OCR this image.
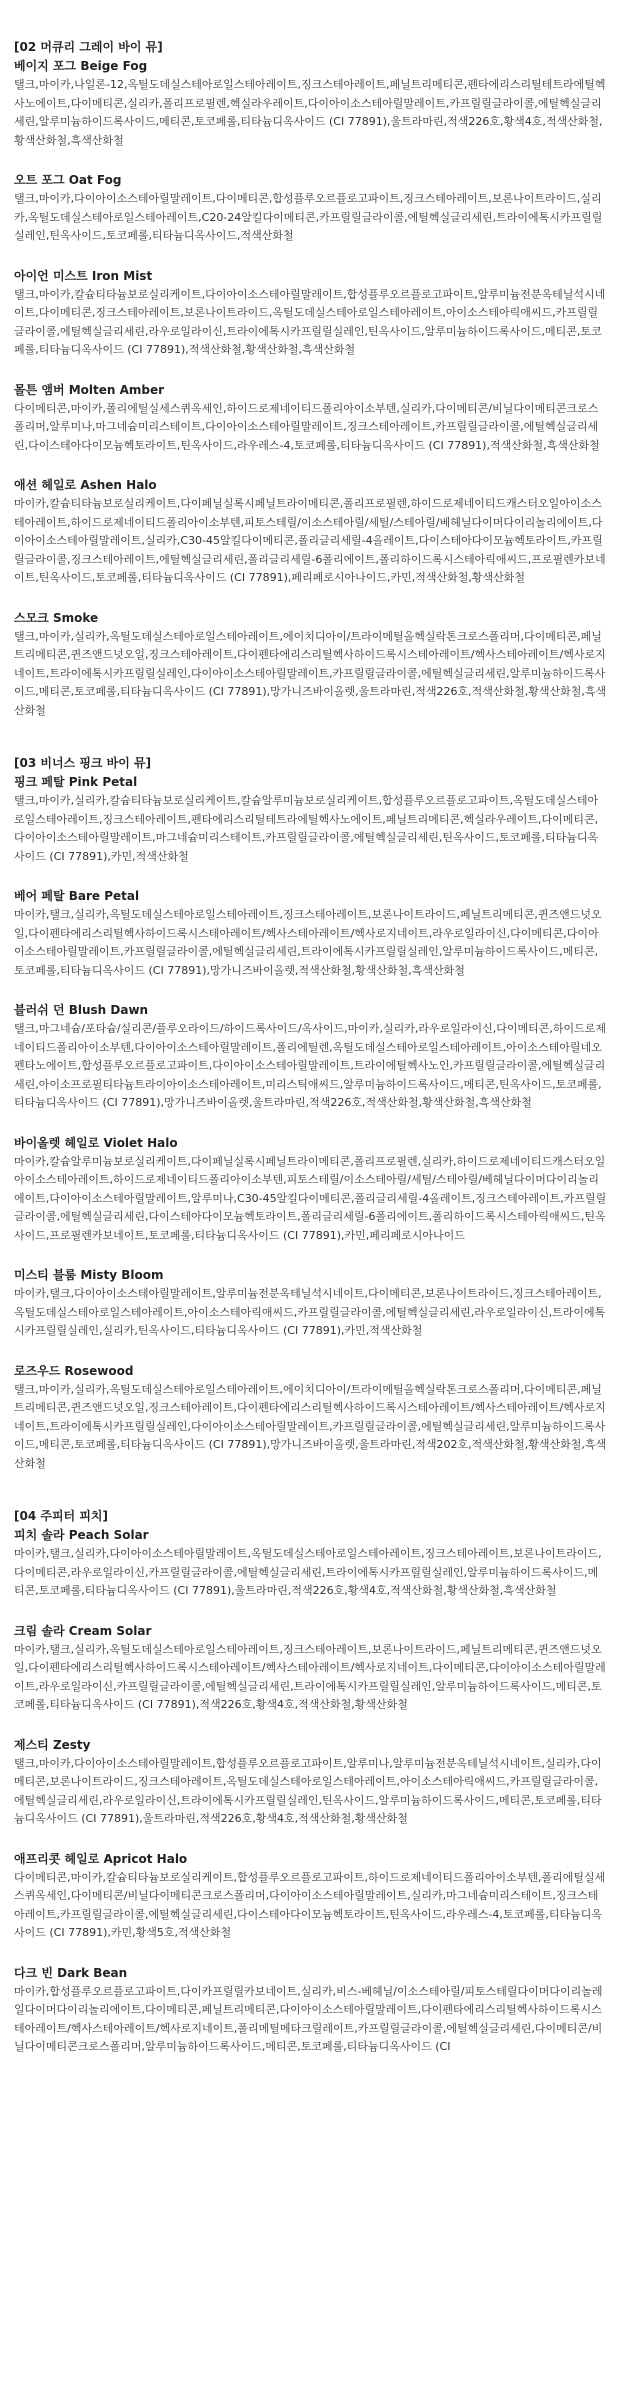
[02 머큐리 그레이 바이 뮤]

베이지 포그 Beige Fog

탤크,마이카,나일론-12,옥틸도데실스테아로일스테아레이트,징크스테아레이트,페닐트리메티콘,펜타에리스리틸테트라에틸헥사노에이트,다이메티콘,실리카,폴리프로필렌,헥실라우레이트,다이아이소스테아릴말레이트,카프릴릴글라이콜,에틸헥실글리세린,알루미늄하이드록사이드,메티콘,토코페롤,티타늄디옥사이드 (CI 77891),울트라마린,적색226호,황색4호,적색산화철,황색산화철,흑색산화철

오트 포그 Oat Fog

탤크,마이카,다이아이소스테아릴말레이트,다이메티콘,합성플루오르플로고파이트,징크스테아레이트,보론나이트라이드,실리카,옥틸도데실스테아로일스테아레이트,C20-24알킬다이메티콘,카프릴릴글라이콜,에틸헥실글리세린,트라이에톡시카프릴릴실레인,틴옥사이드,토코페롤,티타늄디옥사이드,적색산화철

아이언 미스트 Iron Mist

탤크,마이카,칼슘티타늄보로실리케이트,다이아이소스테아릴말레이트,합성플루오르플로고파이트,알루미늄전분옥테닐석시네이트,다이메티콘,징크스테아레이트,보론나이트라이드,옥틸도데실스테아로일스테아레이트,아이소스테아릭애씨드,카프릴릴글라이콜,에틸헥실글리세린,라우로일라이신,트라이에톡시카프릴릴실레인,틴옥사이드,알루미늄하이드록사이드,메티콘,토코페롤,티타늄디옥사이드 (CI 77891),적색산화철,황색산화철,흑색산화철

몰튼 앰버 Molten Amber

다이메티콘,마이카,폴리에틸실세스퀴옥세인,하이드로제네이티드폴리아이소부텐,실리카,다이메티콘/비닐다이메티콘크로스폴리머,알루미나,마그네슘미리스테이트,다이아이소스테아릴말레이트,징크스테아레이트,카프릴릴글라이콜,에틸헥실글리세린,다이스테아다이모늄헥토라이트,틴옥사이드,라우레스-4,토코페롤,티타늄디옥사이드 (CI 77891),적색산화철,흑색산화철

애션 헤일로 Ashen Halo

마이카,칼슘티타늄보로실리케이트,다이페닐실록시페닐트라이메티콘,폴리프로필렌,하이드로제네이티드캐스터오일아이소스테아레이트,하이드로제네이티드폴리아이소부텐,피토스테릴/이소스테아릴/세틸/스테아릴/베헤닐다이머다이리놀리에이트,다이아이소스테아릴말레이트,실리카,C30-45알킬다이메티콘,폴리글리세릴-4올레이트,다이스테아다이모늄헥토라이트,카프릴릴글라이콜,징크스테아레이트,에틸헥실글리세린,폴리글리세릴-6폴리에이트,폴리하이드록시스테아릭애씨드,프로필렌카보네이트,틴옥사이드,토코페롤,티타늄디옥사이드 (CI 77891),페리페로시아나이드,카민,적색산화철,황색산화철

스모크 Smoke

탤크,마이카,실리카,옥틸도데실스테아로일스테아레이트,에이치디아이/트라이메틸올헥실락톤크로스폴리머,다이메티콘,페닐트리메티콘,퀸즈앤드넛오일,징크스테아레이트,다이펜타에리스리틸헥사하이드록시스테아레이트/헥사스테아레이트/헥사로지네이트,트라이에톡시카프릴릴실레인,다이아이소스테아릴말레이트,카프릴릴글라이콜,에틸헥실글리세린,알루미늄하이드록사이드,메티콘,토코페롤,티타늄디옥사이드 (CI 77891),망가니즈바이올렛,울트라마린,적색226호,적색산화철,황색산화철,흑색산화철

[03 비너스 핑크 바이 뮤]

핑크 페탈 Pink Petal

탤크,마이카,실리카,칼슘티타늄보로실리케이트,칼슘알루미늄보로실리케이트,합성플루오르플로고파이트,옥틸도데실스테아로일스테아레이트,징크스테아레이트,펜타에리스리틸테트라에틸헥사노에이트,페닐트리메티콘,헥실라우레이트,다이메티콘,다이아이소스테아릴말레이트,마그네슘미리스테이트,카프릴릴글라이콜,에틸헥실글리세린,틴옥사이드,토코페롤,티타늄디옥사이드 (CI 77891),카민,적색산화철

베어 페탈 Bare Petal

마이카,탤크,실리카,옥틸도데실스테아로일스테아레이트,징크스테아레이트,보론나이트라이드,페닐트리메티콘,퀸즈앤드넛오일,다이펜타에리스리틸헥사하이드록시스테아레이트/헥사스테아레이트/헥사로지네이트,라우로일라이신,다이메티콘,다이아이소스테아릴말레이트,카프릴릴글라이콜,에틸헥실글리세린,트라이에톡시카프릴릴실레인,알루미늄하이드록사이드,메티콘,토코페롤,티타늄디옥사이드 (CI 77891),망가니즈바이올렛,적색산화철,황색산화철,흑색산화철

블러쉬 던 Blush Dawn

탤크,마그네슘/포타슘/실리콘/플루오라이드/하이드록사이드/옥사이드,마이카,실리카,라우로일라이신,다이메티콘,하이드로제네이티드폴리아이소부텐,다이아이소스테아릴말레이트,폴리에틸렌,옥틸도데실스테아로일스테아레이트,아이소스테아릴네오펜타노에이트,합성플루오르플로고파이트,다이아이소스테아릴말레이트,트라이에틸헥사노인,카프릴릴글라이콜,에틸헥실글리세린,아이소프로필티타늄트라이아이소스테아레이트,미리스틱애씨드,알루미늄하이드록사이드,메티콘,틴옥사이드,토코페롤,티타늄디옥사이드 (CI 77891),망가니즈바이올렛,울트라마린,적색226호,적색산화철,황색산화철,흑색산화철

바이올렛 헤일로 Violet Halo

마이카,칼슘알루미늄보로실리케이트,다이페닐실록시페닐트라이메티콘,폴리프로필렌,실리카,하이드로제네이티드캐스터오일아이소스테아레이트,하이드로제네이티드폴리아이소부텐,피토스테릴/이소스테아릴/세틸/스테아릴/베헤닐다이머다이리놀리에이트,다이아이소스테아릴말레이트,알루미나,C30-45알킬다이메티콘,폴리글리세릴-4올레이트,징크스테아레이트,카프릴릴글라이콜,에틸헥실글리세린,다이스테아다이모늄헥토라이트,폴리글리세릴-6폴리에이트,폴리하이드록시스테아릭애씨드,틴옥사이드,프로필렌카보네이트,토코페롤,티타늄디옥사이드 (CI 77891),카민,페리페로시아나이드

미스티 블룸 Misty Bloom

마이카,탤크,다이아이소스테아릴말레이트,알루미늄전분옥테닐석시네이트,다이메티콘,보론나이트라이드,징크스테아레이트,옥틸도데실스테아로일스테아레이트,아이소스테아릭애씨드,카프릴릴글라이콜,에틸헥실글리세린,라우로일라이신,트라이에톡시카프릴릴실레인,실리카,틴옥사이드,티타늄디옥사이드 (CI 77891),카민,적색산화철

로즈우드 Rosewood

탤크,마이카,실리카,옥틸도데실스테아로일스테아레이트,에이치디아이/트라이메틸올헥실락톤크로스폴리머,다이메티콘,페닐트리메티콘,퀸즈앤드넛오일,징크스테아레이트,다이펜타에리스리틸헥사하이드록시스테아레이트/헥사스테아레이트/헥사로지네이트,트라이에톡시카프릴릴실레인,다이아이소스테아릴말레이트,카프릴릴글라이콜,에틸헥실글리세린,알루미늄하이드록사이드,메티콘,토코페롤,티타늄디옥사이드 (CI 77891),망가니즈바이올렛,울트라마린,적색202호,적색산화철,황색산화철,흑색산화철

[04 주피터 피치]

피치 솔라 Peach Solar

마이카,탤크,실리카,다이아이소스테아릴말레이트,옥틸도데실스테아로일스테아레이트,징크스테아레이트,보론나이트라이드,다이메티콘,라우로일라이신,카프릴릴글라이콜,에틸헥실글리세린,트라이에톡시카프릴릴실레인,알루미늄하이드록사이드,메티콘,토코페롤,티타늄디옥사이드 (CI 77891),울트라마린,적색226호,황색4호,적색산화철,황색산화철,흑색산화철

크림 솔라 Cream Solar

마이카,탤크,실리카,옥틸도데실스테아로일스테아레이트,징크스테아레이트,보론나이트라이드,페닐트리메티콘,퀸즈앤드넛오일,다이펜타에리스리틸헥사하이드록시스테아레이트/헥사스테아레이트/헥사로지네이트,다이메티콘,다이아이소스테아릴말레이트,라우로일라이신,카프릴릴글라이콜,에틸헥실글리세린,트라이에톡시카프릴릴실레인,알루미늄하이드록사이드,메티콘,토코페롤,티타늄디옥사이드 (CI 77891),적색226호,황색4호,적색산화철,황색산화철

제스티 Zesty

탤크,마이카,다이아이소스테아릴말레이트,합성플루오르플로고파이트,알루미나,알루미늄전분옥테닐석시네이트,실리카,다이메티콘,보론나이트라이드,징크스테아레이트,옥틸도데실스테아로일스테아레이트,아이소스테아릭애씨드,카프릴릴글라이콜,에틸헥실글리세린,라우로일라이신,트라이에톡시카프릴릴실레인,틴옥사이드,알루미늄하이드록사이드,메티콘,토코페롤,티타늄디옥사이드 (CI 77891),울트라마린,적색226호,황색4호,적색산화철,황색산화철

애프리콧 헤일로 Apricot Halo

다이메티콘,마이카,칼슘티타늄보로실리케이트,합성플루오르플로고파이트,하이드로제네이티드폴리아이소부텐,폴리에틸실세스퀴옥세인,다이메티콘/비닐다이메티콘크로스폴리머,다이아이소스테아릴말레이트,실리카,마그네슘미리스테이트,징크스테아레이트,카프릴릴글라이콜,에틸헥실글리세린,다이스테아다이모늄헥토라이트,틴옥사이드,라우레스-4,토코페롤,티타늄디옥사이드 (CI 77891),카민,황색5호,적색산화철

다크 빈 Dark Bean

마이카,합성플루오르플로고파이트,다이카프릴릴카보네이트,실리카,비스-베헤닐/이소스테아릴/피토스테릴다이머다이리놀레일다이머다이리놀리에이트,다이메티콘,페닐트리메티콘,다이아이소스테아릴말레이트,다이펜타에리스리틸헥사하이드록시스테아레이트/헥사스테아레이트/헥사로지네이트,폴리메틸메타크릴레이트,카프릴릴글라이콜,에틸헥실글리세린,다이메티콘/비닐다이메티콘크로스폴리머,알루미늄하이드록사이드,메티콘,토코페롤,티타늄디옥사이드 (CI
